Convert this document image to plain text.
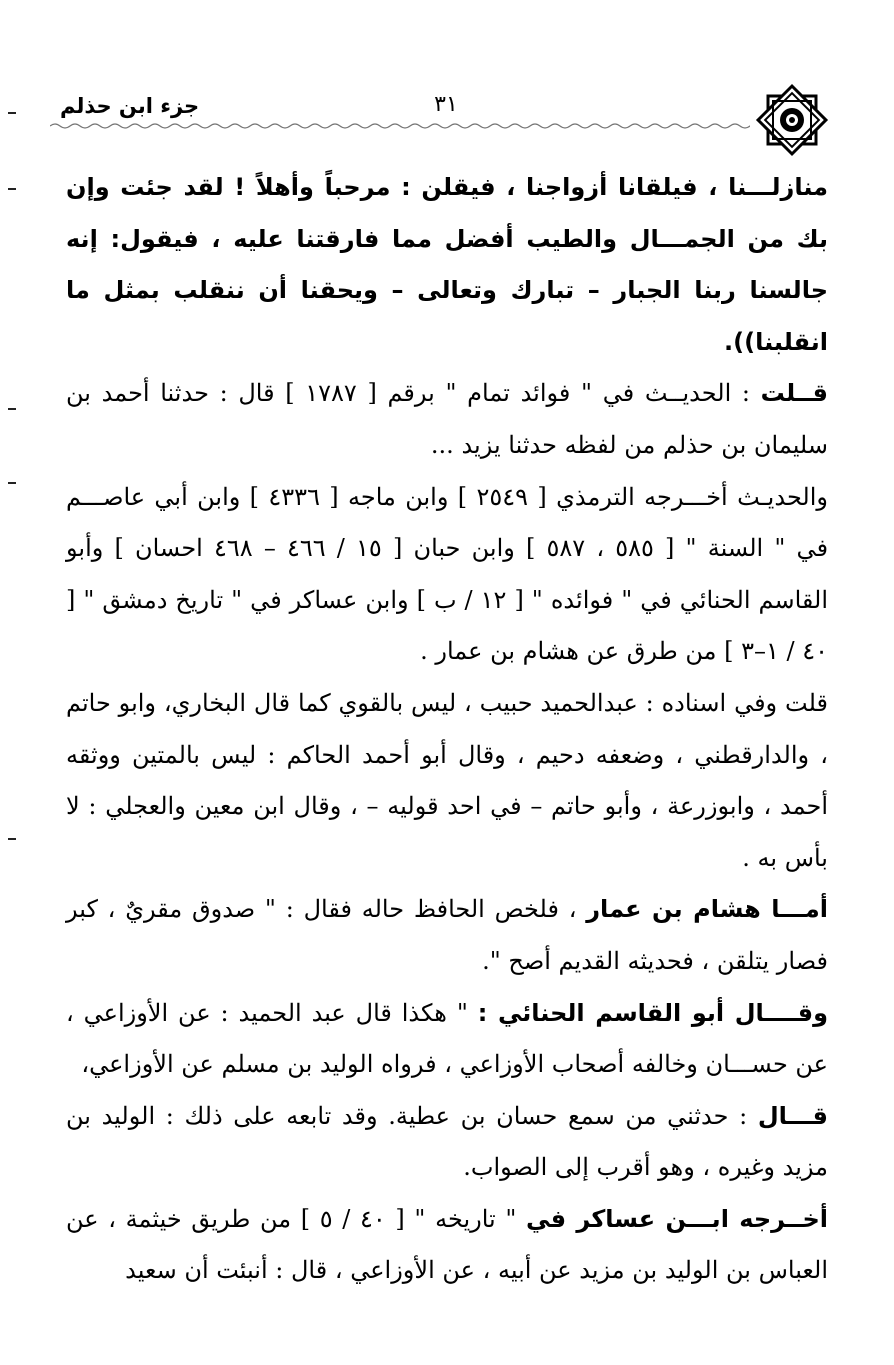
٣١
جزء ابن حذلم

منازلـــنا ، فيلقانا أزواجنا ، فيقلن : مرحباً وأهلاً ! لقد جئت وإن بك من الجمـــال والطيب أفضل مما فارقتنا عليه ، فيقول: إنه جالسنا ربنا الجبار – تبارك وتعالى – ويحقنا أن ننقلب بمثل ما انقلبنا)).

قــلت : الحديــث في " فوائد تمام " برقم [ ١٧٨٧ ] قال : حدثنا أحمد بن سليمان بن حذلم من لفظه حدثنا يزيد ...

والحديـث أخـــرجه الترمذي [ ٢٥٤٩ ] وابن ماجه [ ٤٣٣٦ ] وابن أبي عاصـــم في " السنة " [ ٥٨٥ ، ٥٨٧ ] وابن حبان [ ١٥ / ٤٦٦ – ٤٦٨ احسان ] وأبو القاسم الحنائي في " فوائده " [ ١٢ / ب ] وابن عساكر في " تاريخ دمشق " [ ٤٠ / ١–٣ ] من طرق عن هشام بن عمار .

قلت وفي اسناده : عبدالحميد حبيب ، ليس بالقوي كما قال البخاري، وابو حاتم ، والدارقطني ، وضعفه دحيم ، وقال أبو أحمد الحاكم : ليس بالمتين ووثقه أحمد ، وابوزرعة ، وأبو حاتم – في احد قوليه – ، وقال ابن معين والعجلي : لا بأس به .

أمـــا هشام بن عمار ، فلخص الحافظ حاله فقال : " صدوق مقريٌ ، كبر فصار يتلقن ، فحديثه القديم أصح ".

وقــــال أبو القاسم الحنائي : " هكذا قال عبد الحميد : عن الأوزاعي ، عن حســـان وخالفه أصحاب الأوزاعي ، فرواه الوليد بن مسلم عن الأوزاعي،

قـــال : حدثني من سمع حسان بن عطية. وقد تابعه على ذلك : الوليد بن مزيد وغيره ، وهو أقرب إلى الصواب.

أخــرجه ابـــن عساكر في " تاريخه " [ ٤٠ / ٥ ] من طريق خيثمة ، عن العباس بن الوليد بن مزيد عن أبيه ، عن الأوزاعي ، قال : أنبئت أن سعيد
